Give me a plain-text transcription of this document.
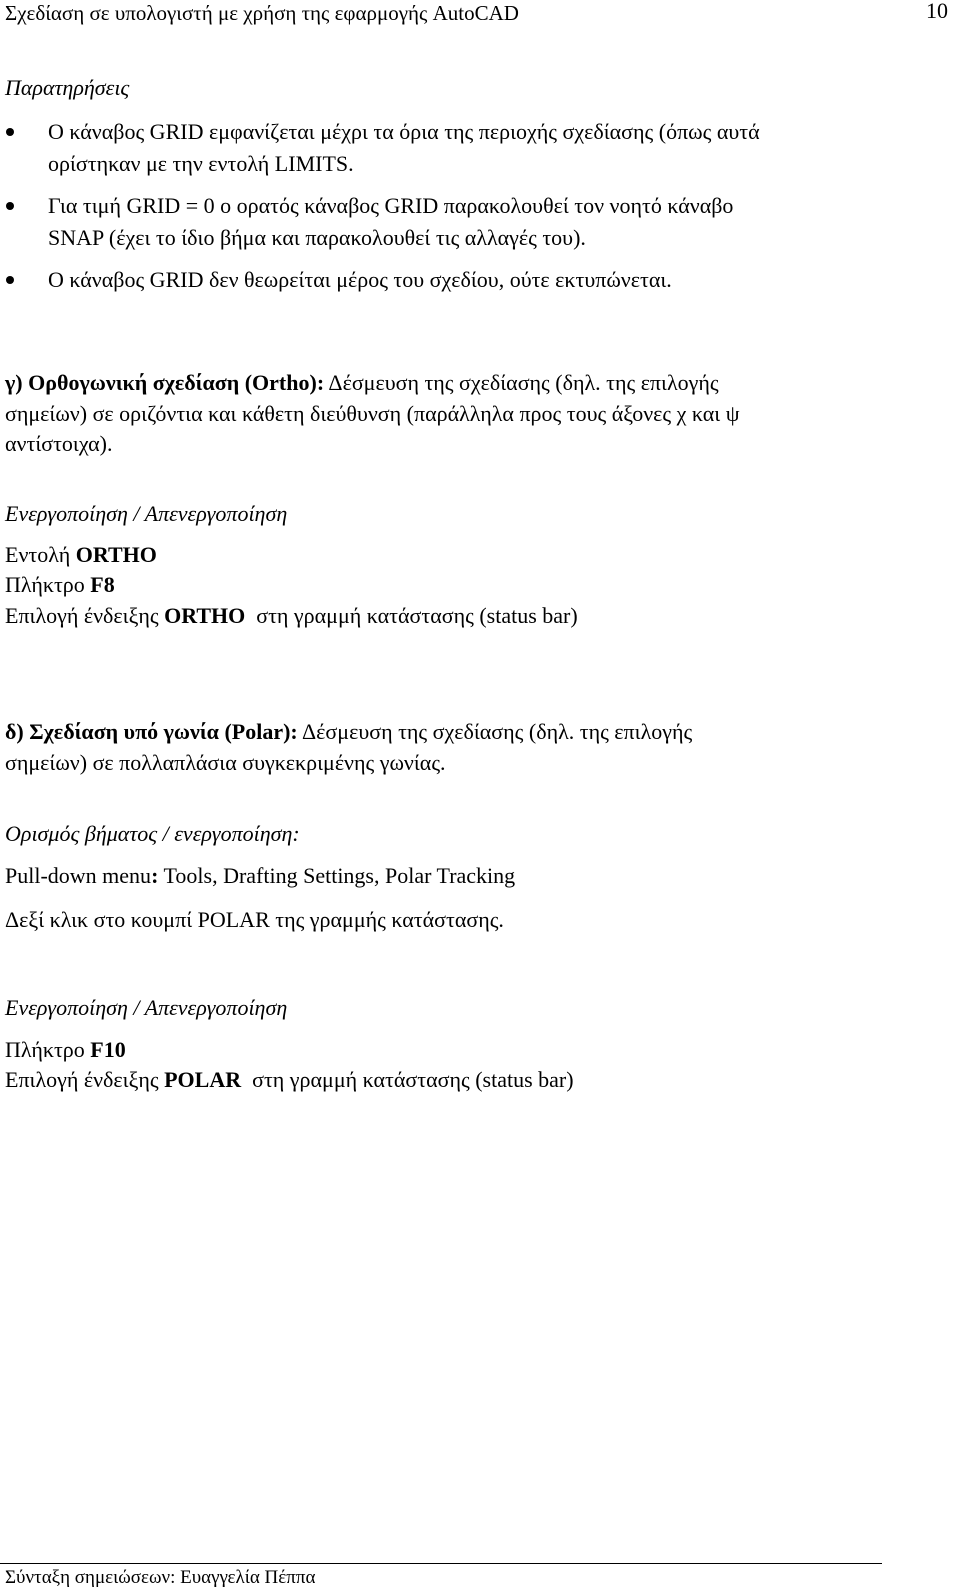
Σχεδίαση σε υπολογιστή με χρήση της εφαρμογής AutoCAD	10
Παρατηρήσεις
Ο κάναβος GRID εμφανίζεται μέχρι τα όρια της περιοχής σχεδίασης (όπως αυτά
ορίστηκαν με την εντολή LIMITS.
Για τιμή GRID = 0 ο ορατός κάναβος GRID παρακολουθεί τον νοητό κάναβο
SNAP (έχει το ίδιο βήμα και παρακολουθεί τις αλλαγές του).
Ο κάναβος GRID δεν θεωρείται μέρος του σχεδίου, ούτε εκτυπώνεται.
γ) Ορθογωνική σχεδίαση (Ortho): Δέσμευση της σχεδίασης (δηλ. της επιλογής
σημείων) σε οριζόντια και κάθετη διεύθυνση (παράλληλα προς τους άξονες χ και ψ
αντίστοιχα).
Ενεργοποίηση / Απενεργοποίηση
Εντολή ORTHO
Πλήκτρο F8
Επιλογή ένδειξης ORTHO  στη γραμμή κατάστασης (status bar)
δ) Σχεδίαση υπό γωνία (Polar): Δέσμευση της σχεδίασης (δηλ. της επιλογής
σημείων) σε πολλαπλάσια συγκεκριμένης γωνίας.
Ορισμός βήματος / ενεργοποίηση:
Pull-down menu: Tools, Drafting Settings, Polar Tracking
Δεξί κλικ στο κουμπί POLAR της γραμμής κατάστασης.
Ενεργοποίηση / Απενεργοποίηση
Πλήκτρο F10
Επιλογή ένδειξης POLAR  στη γραμμή κατάστασης (status bar)
Σύνταξη σημειώσεων: Ευαγγελία Πέππα
